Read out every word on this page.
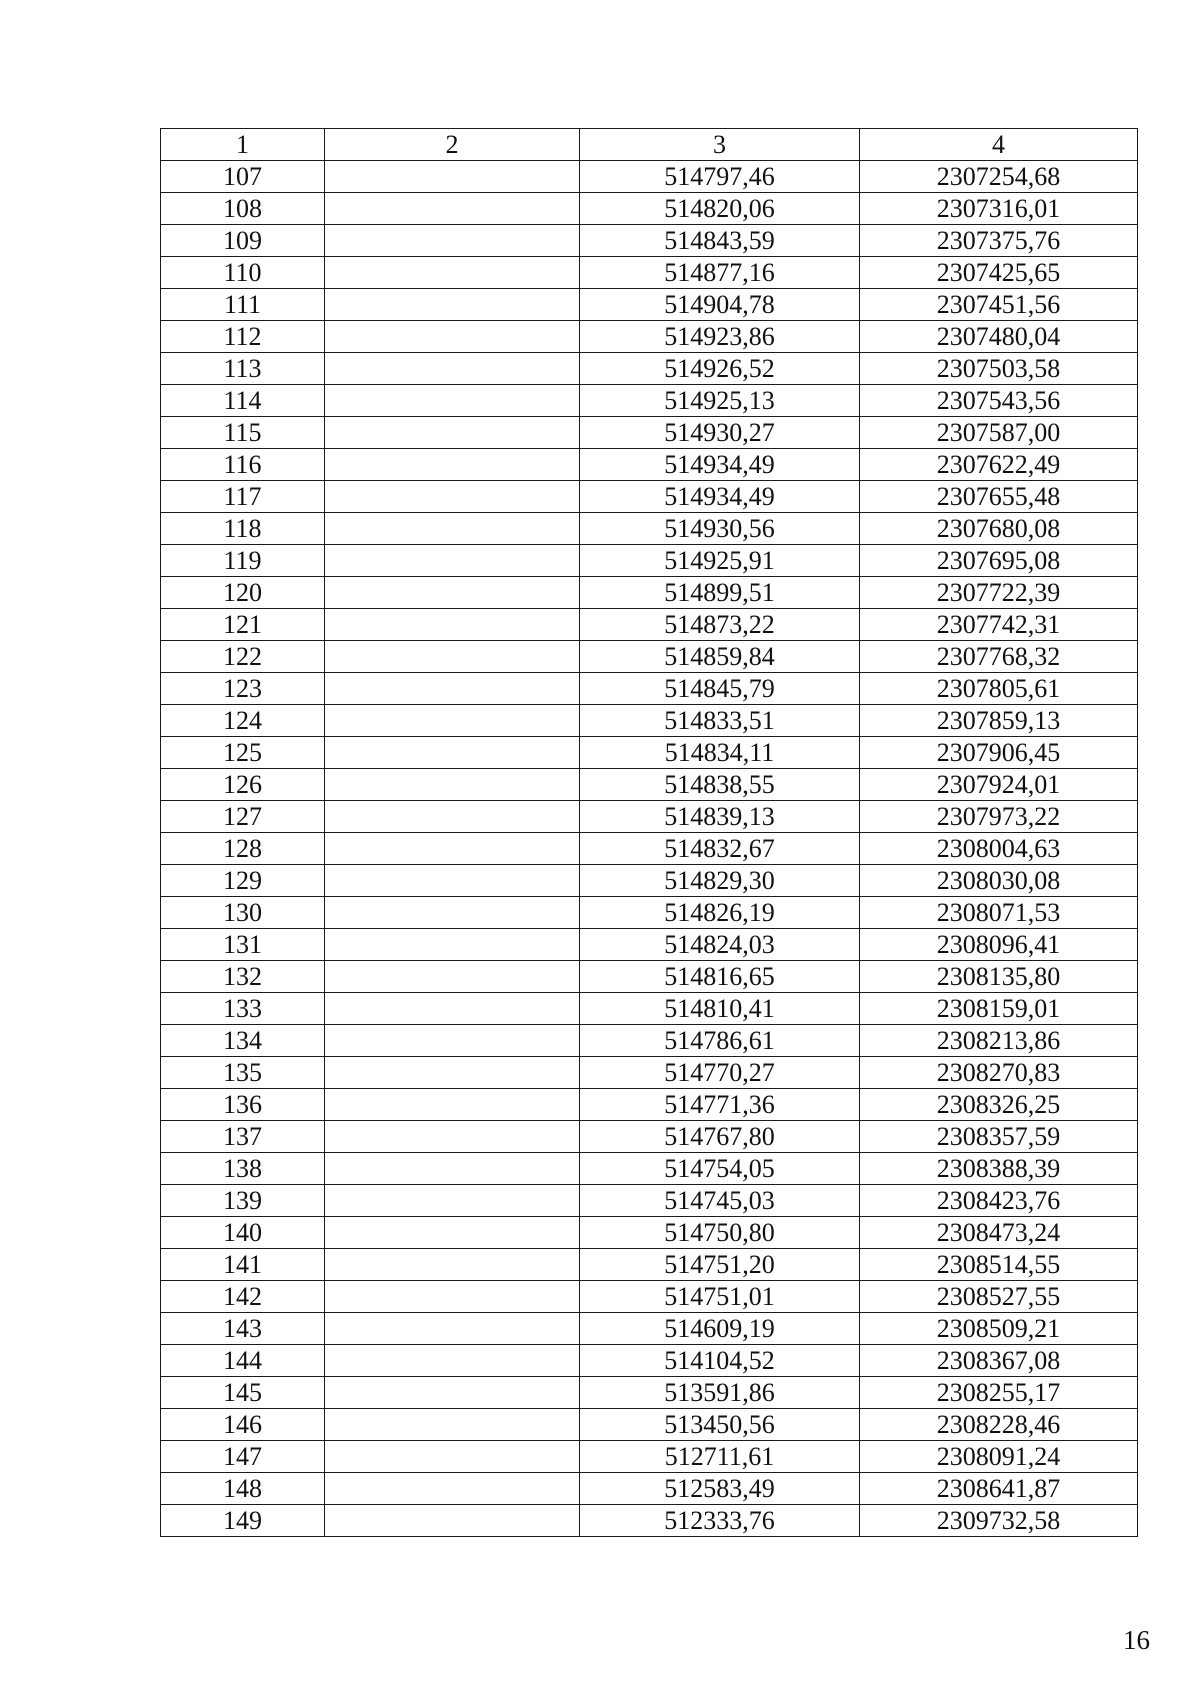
1	2	3	4
107		514797,46	2307254,68
108		514820,06	2307316,01
109		514843,59	2307375,76
110		514877,16	2307425,65
111		514904,78	2307451,56
112		514923,86	2307480,04
113		514926,52	2307503,58
114		514925,13	2307543,56
115		514930,27	2307587,00
116		514934,49	2307622,49
117		514934,49	2307655,48
118		514930,56	2307680,08
119		514925,91	2307695,08
120		514899,51	2307722,39
121		514873,22	2307742,31
122		514859,84	2307768,32
123		514845,79	2307805,61
124		514833,51	2307859,13
125		514834,11	2307906,45
126		514838,55	2307924,01
127		514839,13	2307973,22
128		514832,67	2308004,63
129		514829,30	2308030,08
130		514826,19	2308071,53
131		514824,03	2308096,41
132		514816,65	2308135,80
133		514810,41	2308159,01
134		514786,61	2308213,86
135		514770,27	2308270,83
136		514771,36	2308326,25
137		514767,80	2308357,59
138		514754,05	2308388,39
139		514745,03	2308423,76
140		514750,80	2308473,24
141		514751,20	2308514,55
142		514751,01	2308527,55
143		514609,19	2308509,21
144		514104,52	2308367,08
145		513591,86	2308255,17
146		513450,56	2308228,46
147		512711,61	2308091,24
148		512583,49	2308641,87
149		512333,76	2309732,58
16
